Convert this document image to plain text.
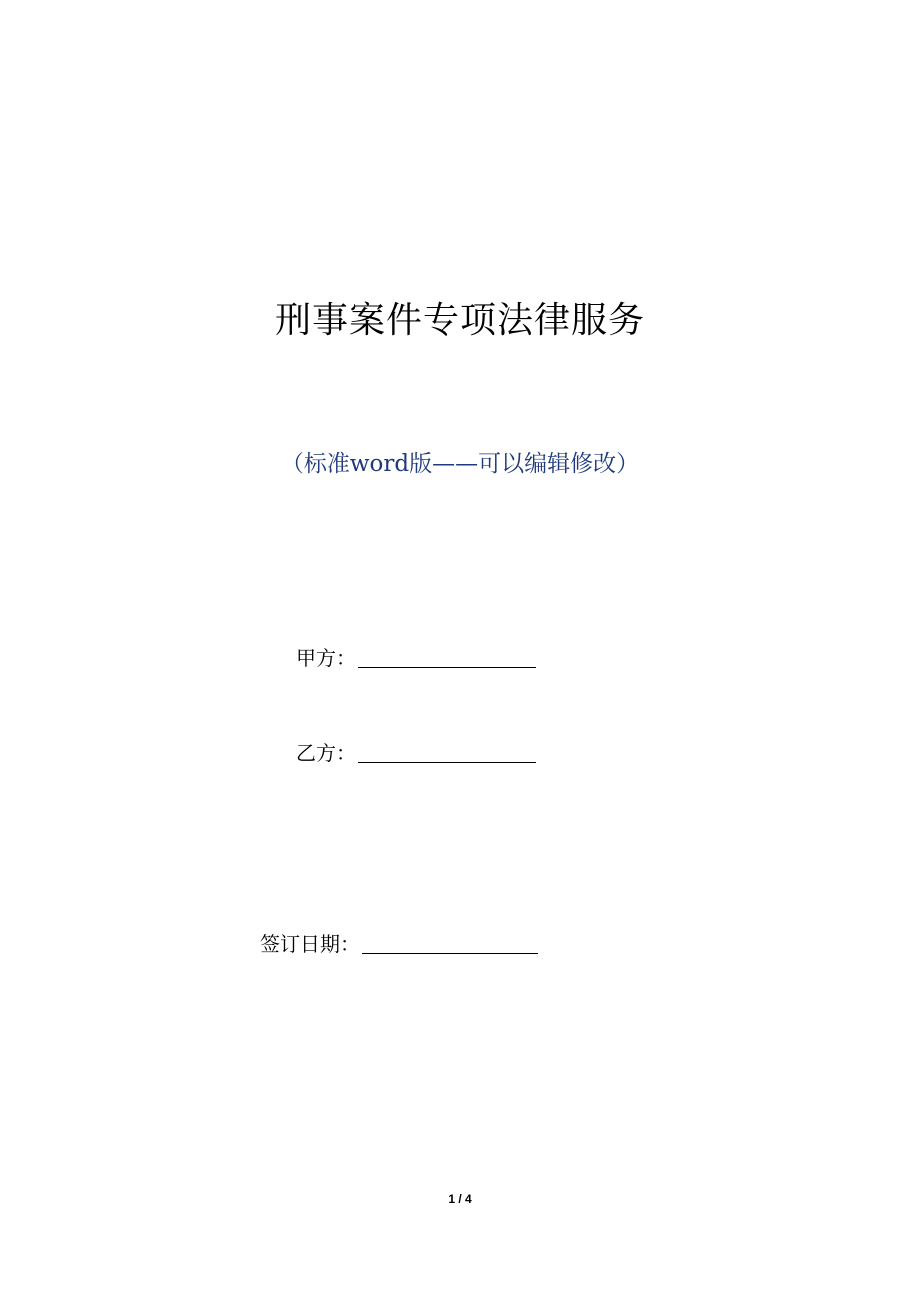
刑事案件专项法律服务
（标准word版——可以编辑修改）
甲方：
乙方：
签订日期：
1 / 4
